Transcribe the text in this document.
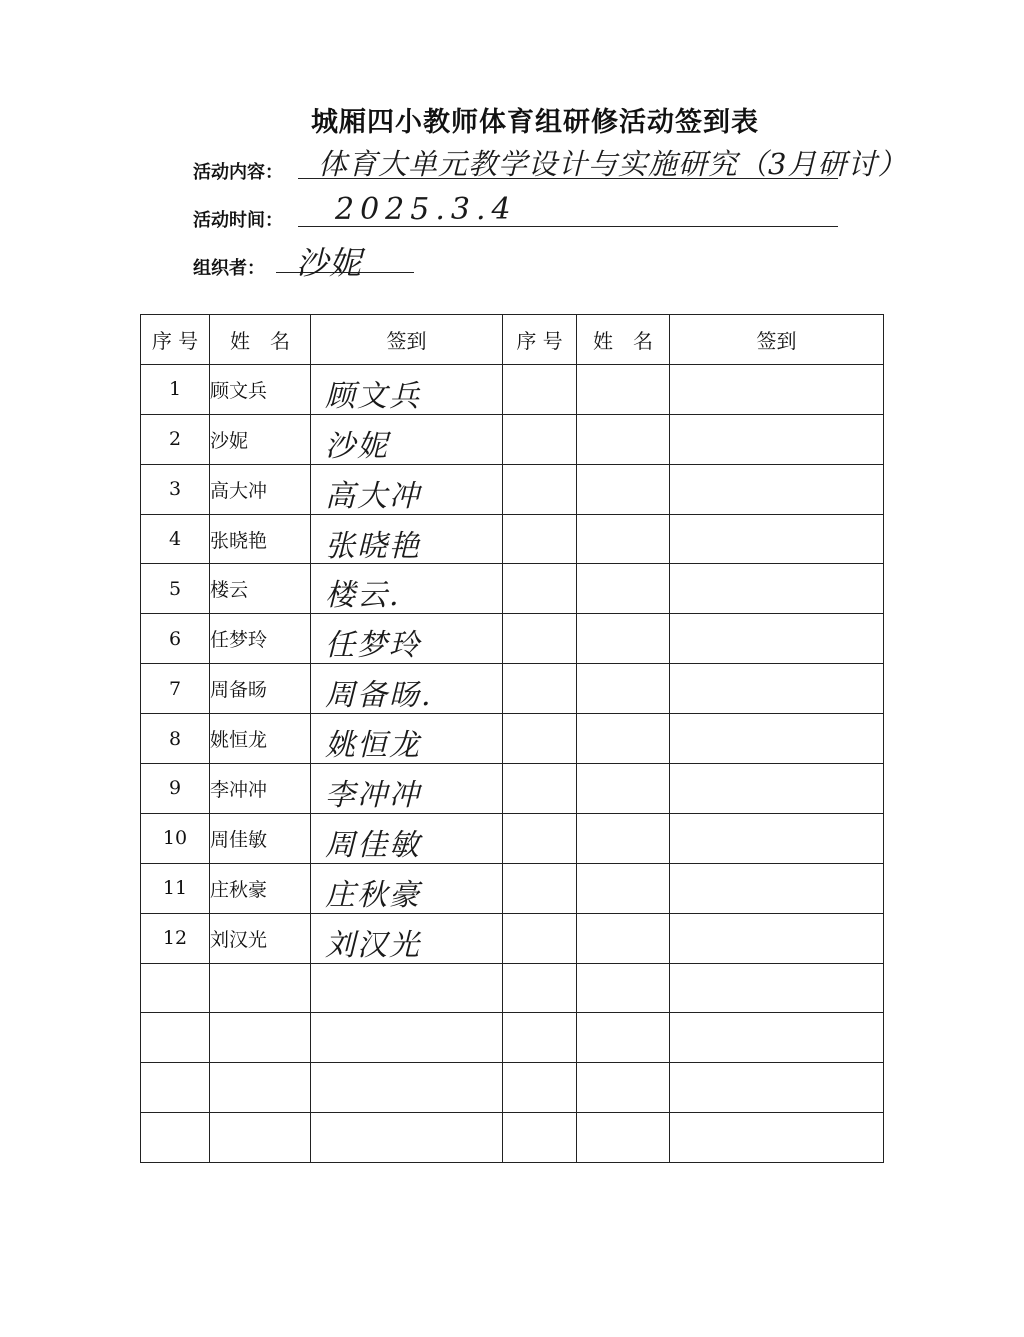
城厢四小教师体育组研修活动签到表
活动内容： 体育大单元教学设计与实施研究（3月研讨）
活动时间： 2025.3.4
组织者： 沙妮
序 号	姓　名	签到	序 号	姓　名	签到
1	顾文兵	顾文兵			

2	沙妮	沙妮			

3	高大冲	高大冲			

4	张晓艳	张晓艳			

5	楼云	楼云.			

6	任梦玲	任梦玲			

7	周备旸	周备旸.			

8	姚恒龙	姚恒龙			

9	李冲冲	李冲冲			

10	周佳敏	周佳敏			

11	庄秋豪	庄秋豪			

12	刘汉光	刘汉光			
